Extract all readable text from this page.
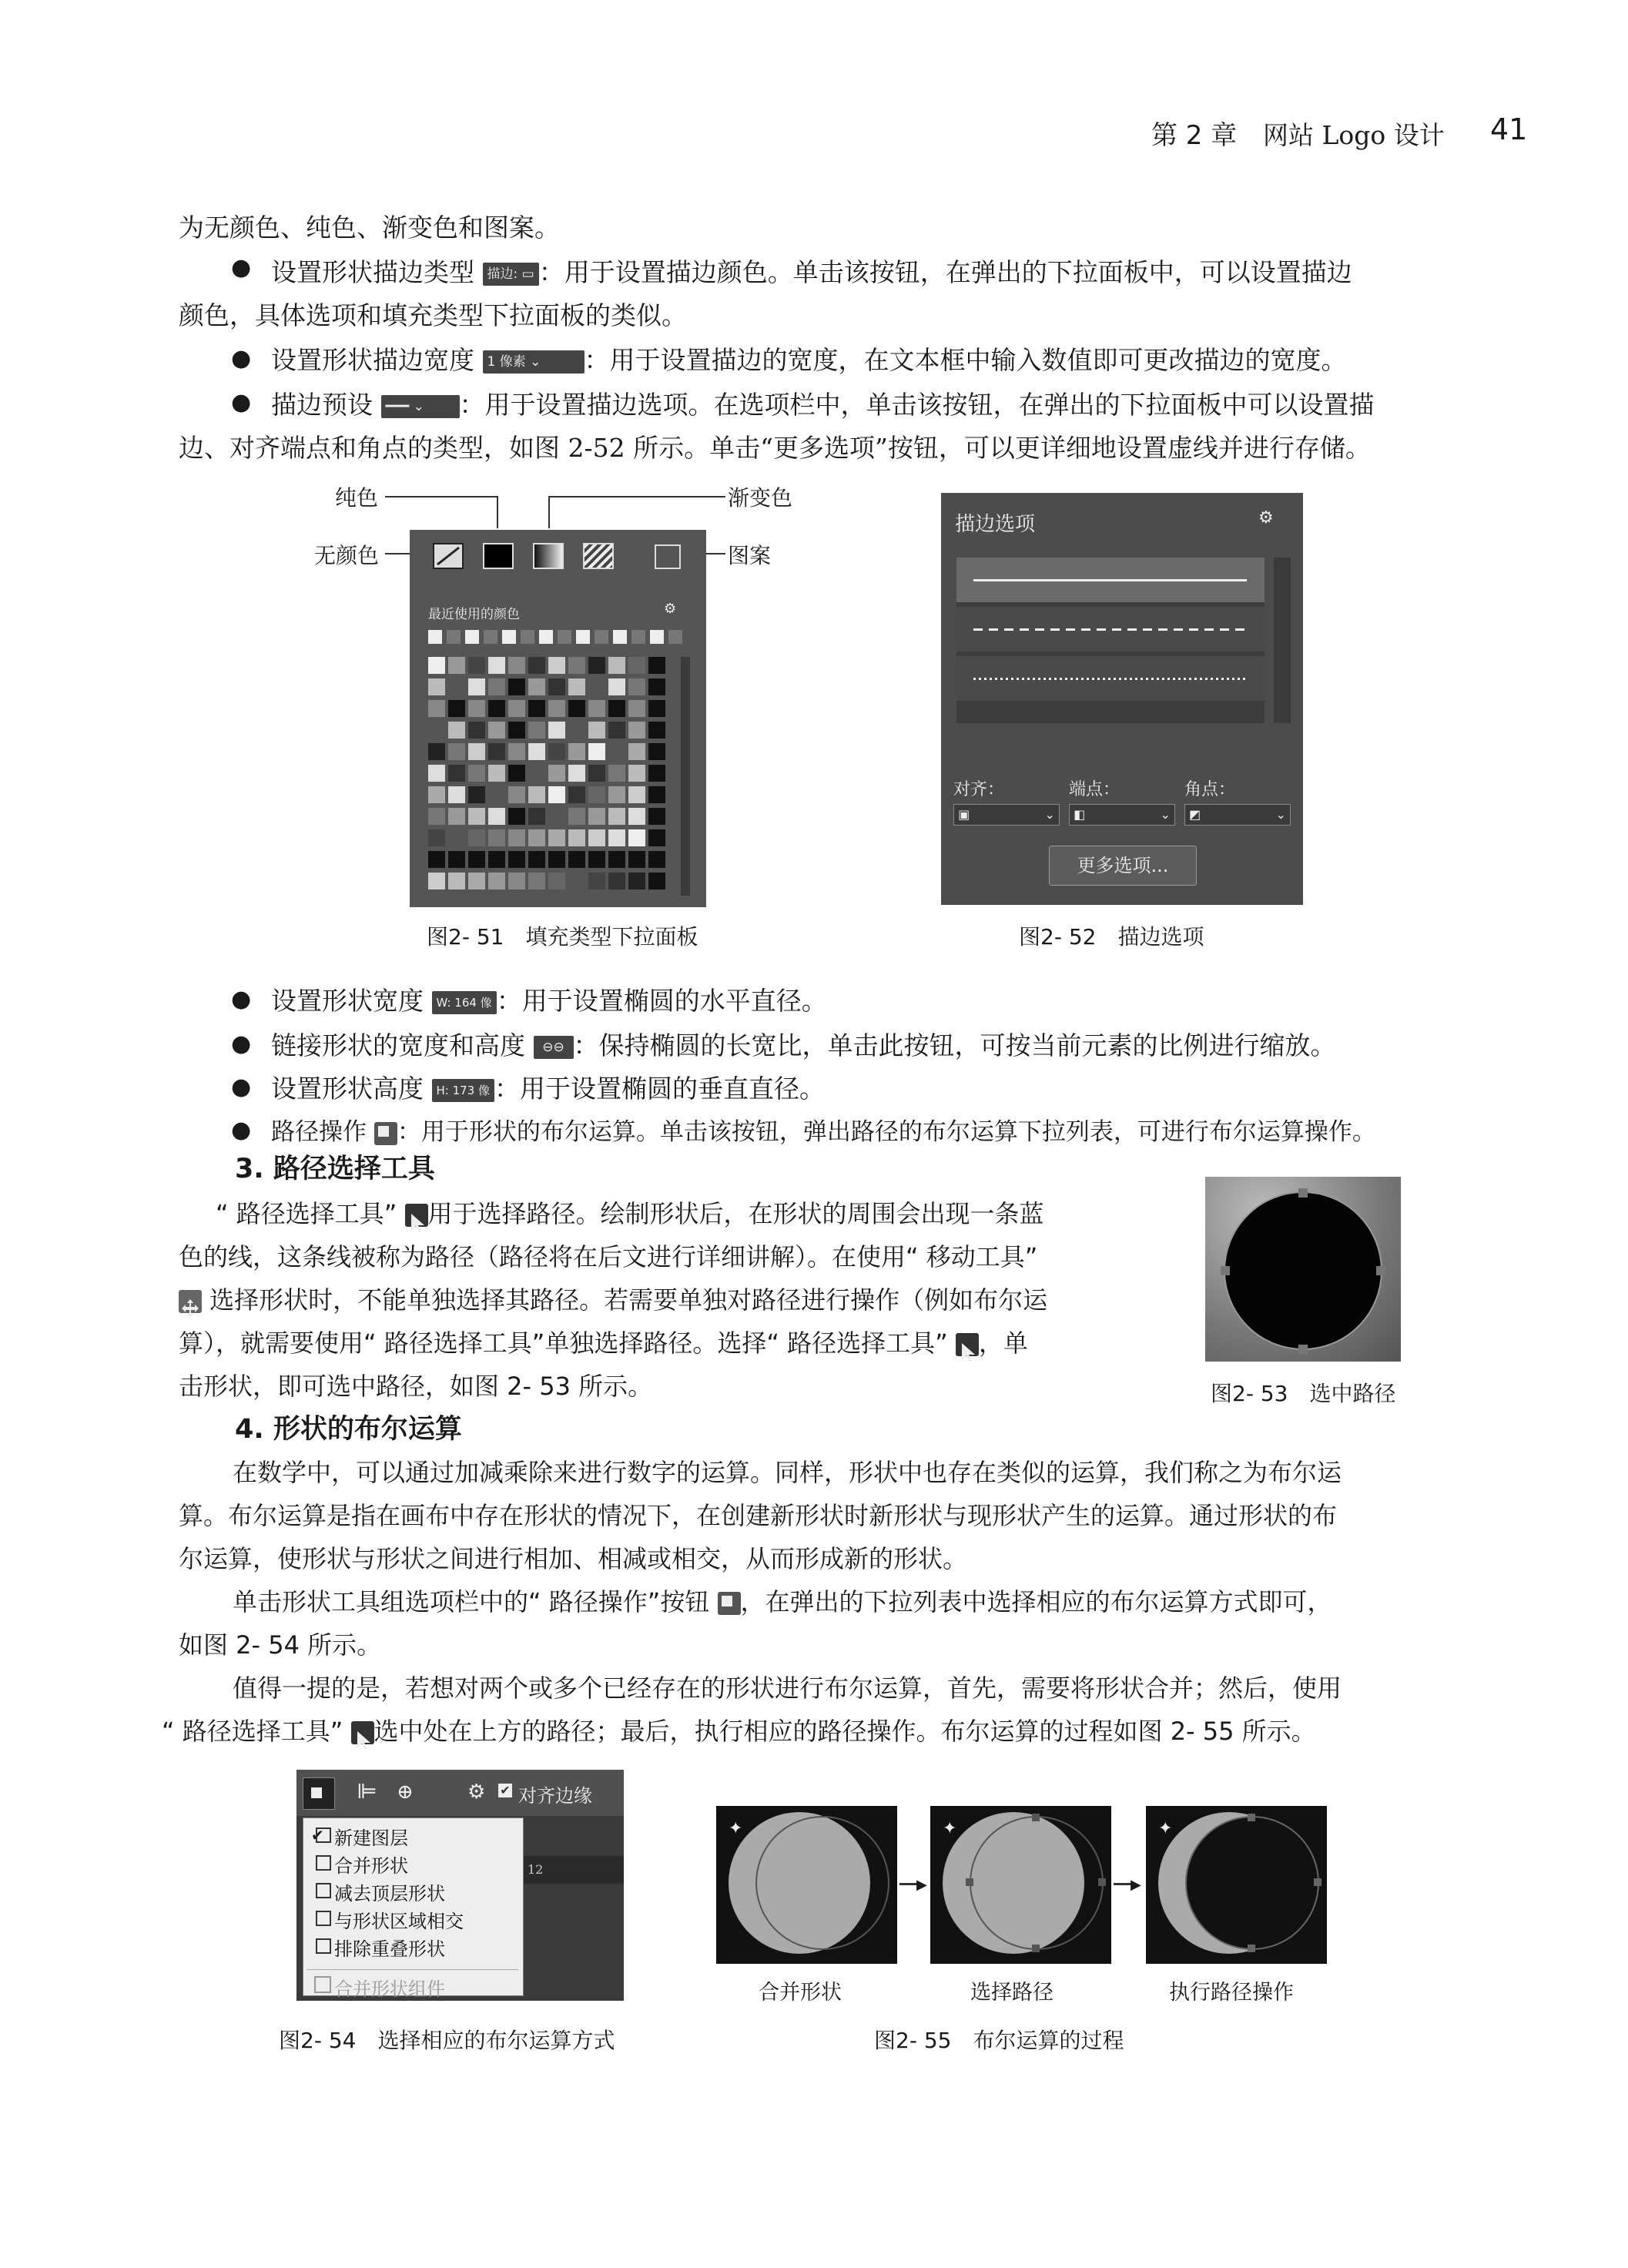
第 2 章 网站 Logo 设计 41
为无颜色、纯色、渐变色和图案。
● 设置形状描边类型 描边: ▭ ：用于设置描边颜色。单击该按钮，在弹出的下拉面板中，可以设置描边
颜色，具体选项和填充类型下拉面板的类似。
● 设置形状描边宽度 1 像素 ⌄ ：用于设置描边的宽度，在文本框中输入数值即可更改描边的宽度。
● 描边预设 ━━━ ⌄ ：用于设置描边选项。在选项栏中，单击该按钮，在弹出的下拉面板中可以设置描
边、对齐端点和角点的类型，如图 2-52 所示。单击“更多选项”按钮，可以更详细地设置虚线并进行存储。
纯色	渐变色
无颜色	图案
最近使用的颜色	⚙
图2- 51　填充类型下拉面板
描边选项	⚙
对齐：	端点：	角点：
▣	⌄ ◧	⌄ ◩	⌄
更多选项...
图2- 52　描边选项
● 设置形状宽度 W: 164 像 ：用于设置椭圆的水平直径。
● 链接形状的宽度和高度 ⊖⊖ ：保持椭圆的长宽比，单击此按钮，可按当前元素的比例进行缩放。
● 设置形状高度 H: 173 像 ：用于设置椭圆的垂直直径。
● 路径操作 ：用于形状的布尔运算。单击该按钮，弹出路径的布尔运算下拉列表，可进行布尔运算操作。
3. 路径选择工具
“ 路径选择工具” 用于选择路径。绘制形状后，在形状的周围会出现一条蓝
色的线，这条线被称为路径（路径将在后文进行详细讲解）。在使用“ 移动工具”
选择形状时，不能单独选择其路径。若需要单独对路径进行操作（例如布尔运
算），就需要使用“ 路径选择工具”单独选择路径。选择“ 路径选择工具” ，单
击形状，即可选中路径，如图 2- 53 所示。	图2- 53　选中路径
4. 形状的布尔运算
在数学中，可以通过加减乘除来进行数字的运算。同样，形状中也存在类似的运算，我们称之为布尔运
算。布尔运算是指在画布中存在形状的情况下，在创建新形状时新形状与现形状产生的运算。通过形状的布
尔运算，使形状与形状之间进行相加、相减或相交，从而形成新的形状。
单击形状工具组选项栏中的“ 路径操作”按钮 ，在弹出的下拉列表中选择相应的布尔运算方式即可，
如图 2- 54 所示。
值得一提的是，若想对两个或多个已经存在的形状进行布尔运算，首先，需要将形状合并；然后，使用
“ 路径选择工具” 选中处在上方的路径；最后，执行相应的路径操作。布尔运算的过程如图 2- 55 所示。
⊫ ⊕	⚙ ✔ 对齐边缘
12
✔ 新建图层
合并形状
减去顶层形状
与形状区域相交
排除重叠形状
合并形状组件
图2- 54　选择相应的布尔运算方式
✦
▶
✦
▶
✦
合并形状	选择路径	执行路径操作
图2- 55　布尔运算的过程
